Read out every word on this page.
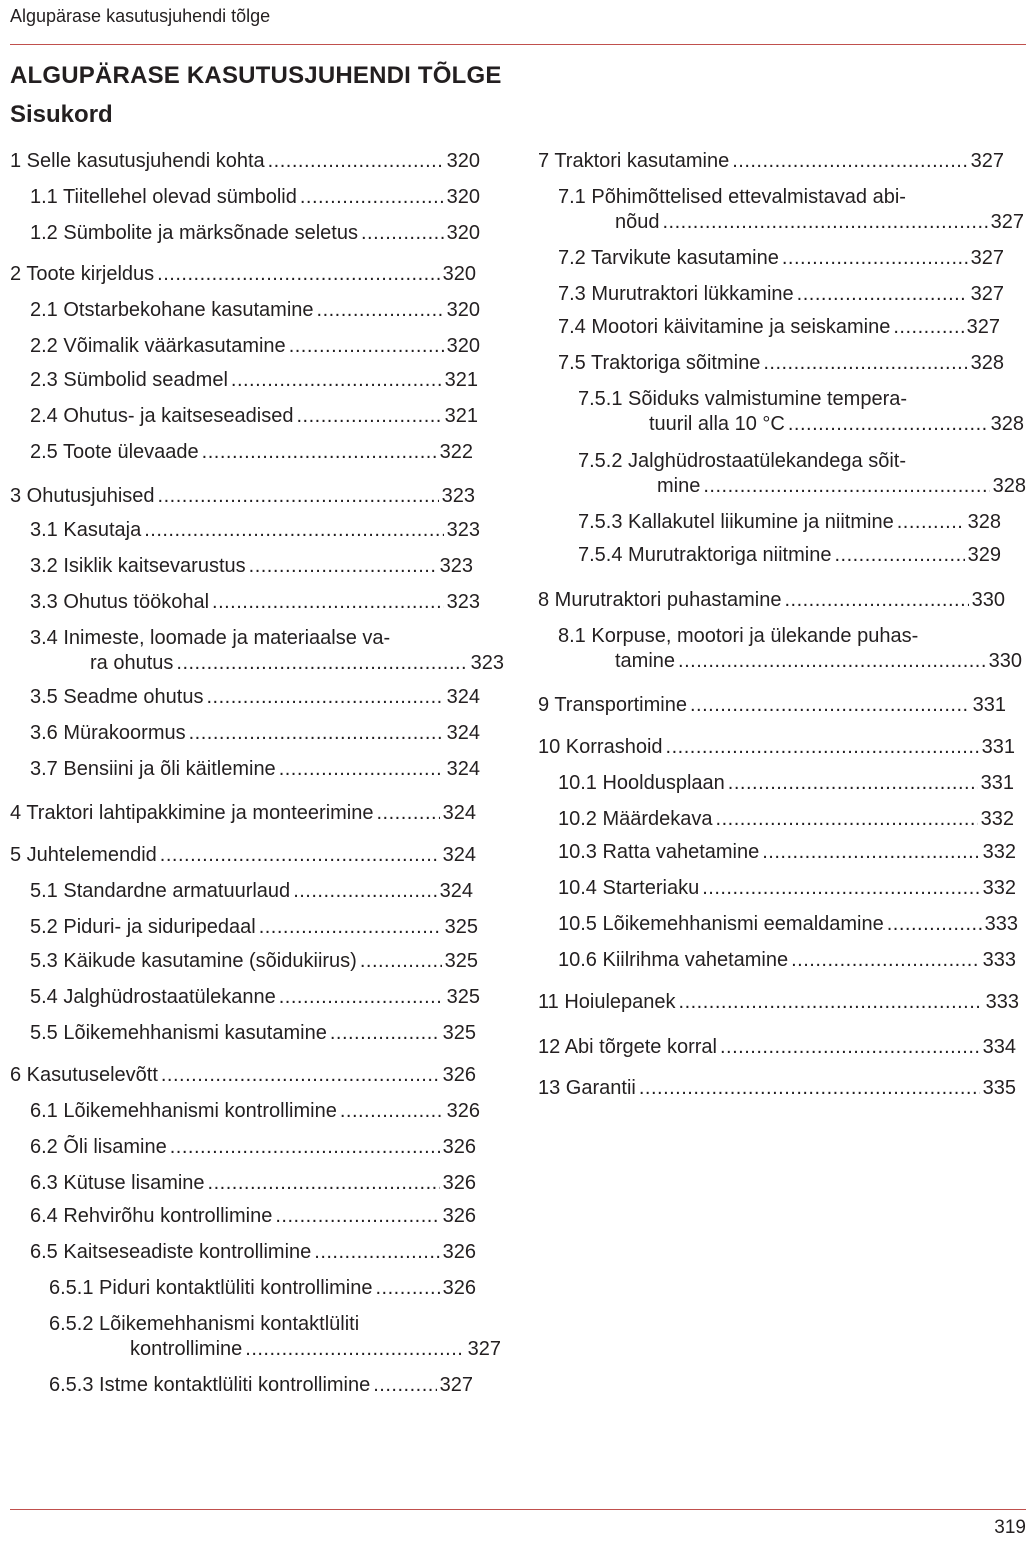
Algupärase kasutusjuhendi tõlge
ALGUPÄRASE KASUTUSJUHENDI TÕLGE
Sisukord
1 Selle kasutusjuhendi kohta .....	320
1.1 Tiitellehel olevad sümbolid .....	320
1.2 Sümbolite ja märksõnade seletus .....	320
2 Toote kirjeldus .....	320
2.1 Otstarbekohane kasutamine .....	320
2.2 Võimalik väärkasutamine .....	320
2.3 Sümbolid seadmel .....	321
2.4 Ohutus- ja kaitseseadised .....	321
2.5 Toote ülevaade .....	322
3 Ohutusjuhised .....	323
3.1 Kasutaja .....	323
3.2 Isiklik kaitsevarustus .....	323
3.3 Ohutus töökohal .....	323
3.4 Inimeste, loomade ja materiaalse va-
ra ohutus .....	323
3.5 Seadme ohutus .....	324
3.6 Mürakoormus .....	324
3.7 Bensiini ja õli käitlemine .....	324
4 Traktori lahtipakkimine ja monteerimine .....	324
5 Juhtelemendid .....	324
5.1 Standardne armatuurlaud .....	324
5.2 Piduri- ja siduripedaal .....	325
5.3 Käikude kasutamine (sõidukiirus) .....	325
5.4 Jalghüdrostaatülekanne .....	325
5.5 Lõikemehhanismi kasutamine .....	325
6 Kasutuselevõtt .....	326
6.1 Lõikemehhanismi kontrollimine .....	326
6.2 Õli lisamine .....	326
6.3 Kütuse lisamine .....	326
6.4 Rehvirõhu kontrollimine .....	326
6.5 Kaitseseadiste kontrollimine .....	326
6.5.1 Piduri kontaktlüliti kontrollimine .....	326
6.5.2 Lõikemehhanismi kontaktlüliti
kontrollimine .....	327
6.5.3 Istme kontaktlüliti kontrollimine .....	327
7 Traktori kasutamine .....	327
7.1 Põhimõttelised ettevalmistavad abi-
nõud .....	327
7.2 Tarvikute kasutamine .....	327
7.3 Murutraktori lükkamine .....	327
7.4 Mootori käivitamine ja seiskamine .....	327
7.5 Traktoriga sõitmine .....	328
7.5.1 Sõiduks valmistumine tempera-
tuuril alla 10 °C .....	328
7.5.2 Jalghüdrostaatülekandega sõit-
mine .....	328
7.5.3 Kallakutel liikumine ja niitmine .....	328
7.5.4 Murutraktoriga niitmine .....	329
8 Murutraktori puhastamine .....	330
8.1 Korpuse, mootori ja ülekande puhas-
tamine .....	330
9 Transportimine .....	331
10 Korrashoid .....	331
10.1 Hooldusplaan .....	331
10.2 Määrdekava .....	332
10.3 Ratta vahetamine .....	332
10.4 Starteriaku .....	332
10.5 Lõikemehhanismi eemaldamine .....	333
10.6 Kiilrihma vahetamine .....	333
11 Hoiulepanek .....	333
12 Abi tõrgete korral .....	334
13 Garantii .....	335
319
